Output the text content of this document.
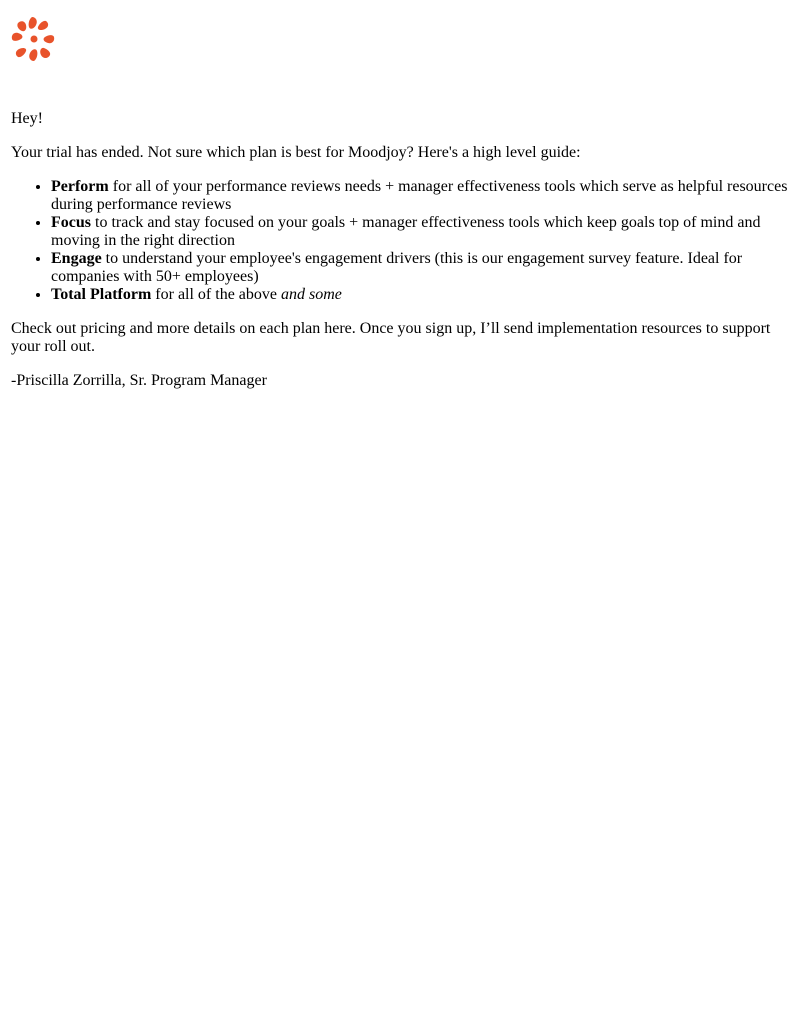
Hey!

Your trial has ended. Not sure which plan is best for Moodjoy? Here's a high level guide:

• Perform for all of your performance reviews needs + manager effectiveness tools which serve as helpful resources during performance reviews
• Focus to track and stay focused on your goals + manager effectiveness tools which keep goals top of mind and moving in the right direction
• Engage to understand your employee's engagement drivers (this is our engagement survey feature. Ideal for companies with 50+ employees)
• Total Platform for all of the above and some

Check out pricing and more details on each plan here. Once you sign up, I’ll send implementation resources to support your roll out.

-Priscilla Zorrilla, Sr. Program Manager
